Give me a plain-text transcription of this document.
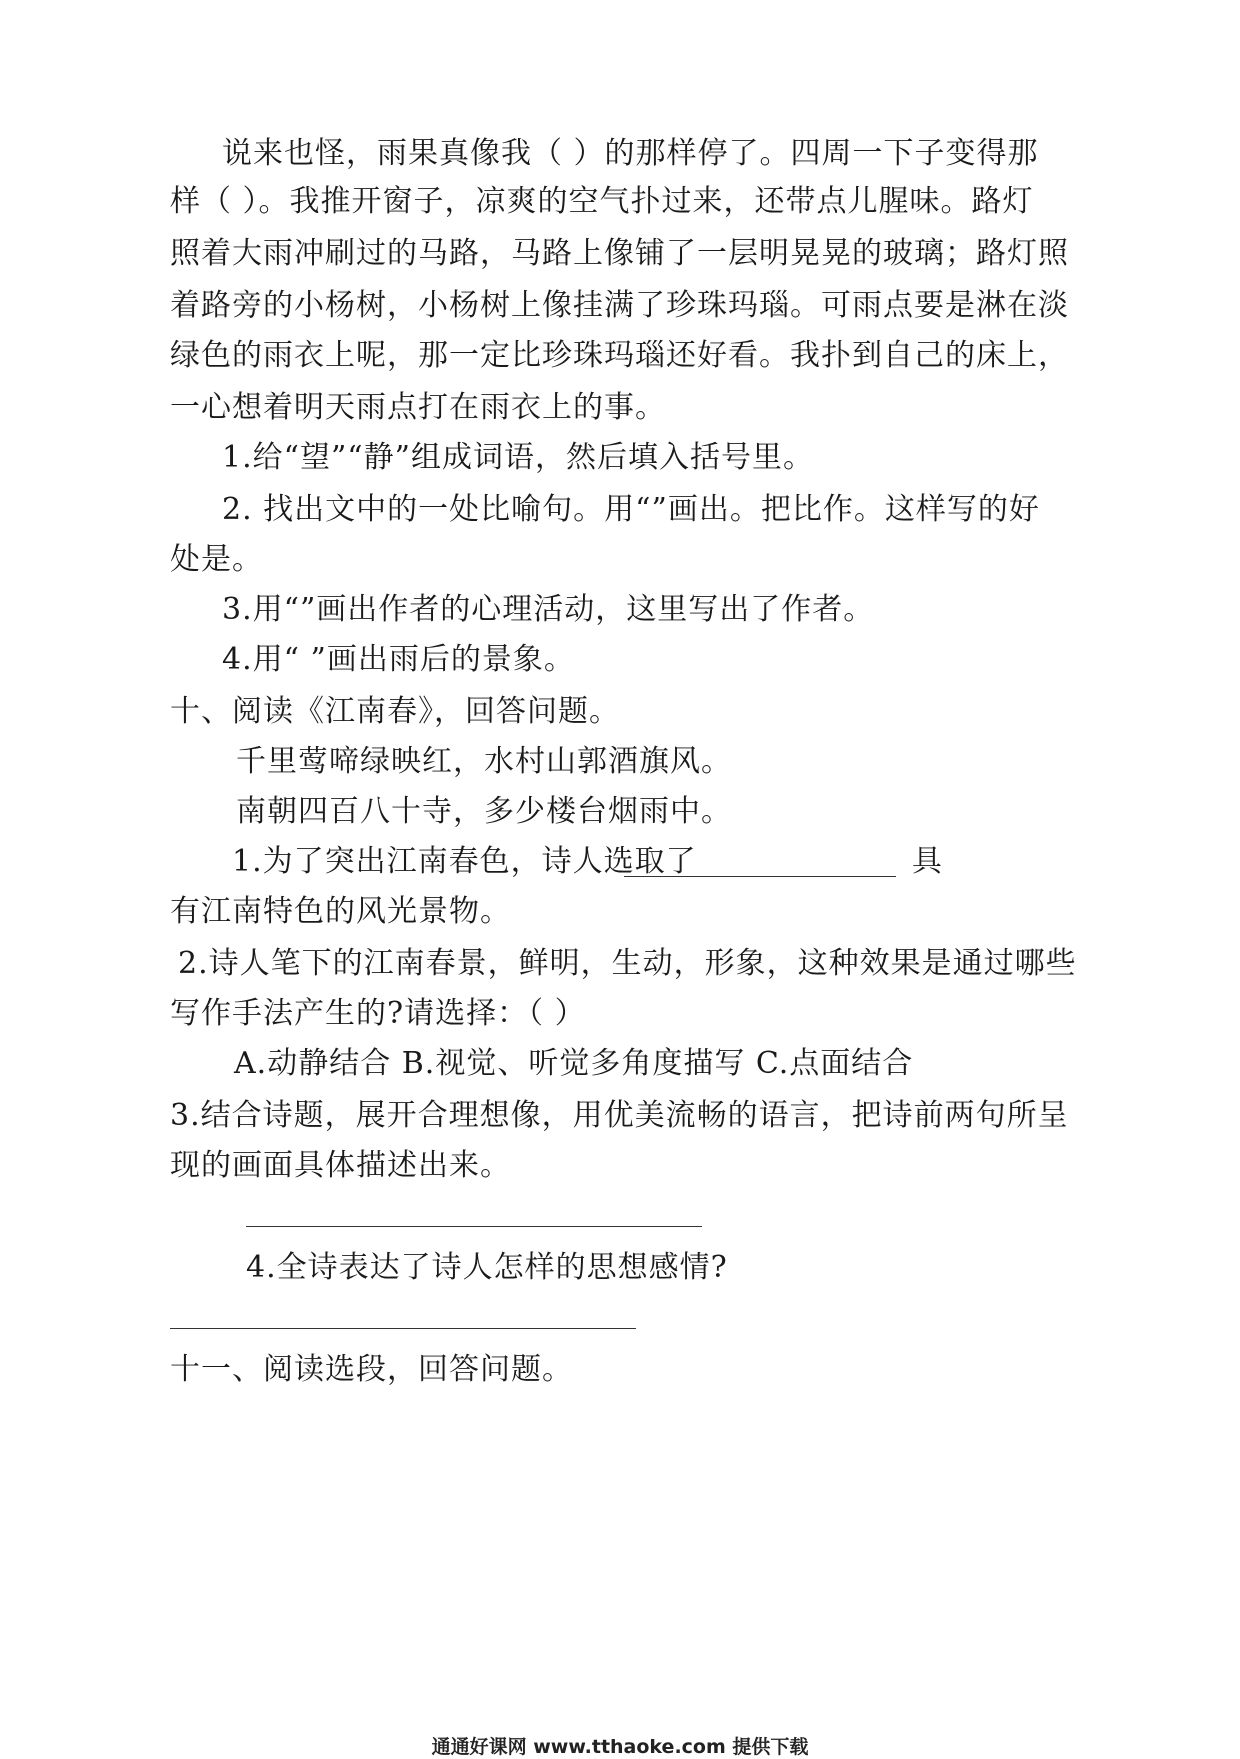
说来也怪，雨果真像我（ ）的那样停了。四周一下子变得那
样（ ）。我推开窗子，凉爽的空气扑过来，还带点儿腥味。路灯
照着大雨冲刷过的马路，马路上像铺了一层明晃晃的玻璃；路灯照
着路旁的小杨树，小杨树上像挂满了珍珠玛瑙。可雨点要是淋在淡
绿色的雨衣上呢，那一定比珍珠玛瑙还好看。我扑到自己的床上，
一心想着明天雨点打在雨衣上的事。
1.给“望”“静”组成词语，然后填入括号里。
2. 找出文中的一处比喻句。用“”画出。把比作。这样写的好
处是。
3.用“”画出作者的心理活动，这里写出了作者。
4.用“ ”画出雨后的景象。
十、阅读《江南春》，回答问题。
千里莺啼绿映红，水村山郭酒旗风。
南朝四百八十寺，多少楼台烟雨中。
1.为了突出江南春色，诗人选取了	具
有江南特色的风光景物。
2.诗人笔下的江南春景，鲜明，生动，形象，这种效果是通过哪些
写作手法产生的?请选择：（ ）
A.动静结合 B.视觉、听觉多角度描写 C.点面结合
3.结合诗题，展开合理想像，用优美流畅的语言，把诗前两句所呈
现的画面具体描述出来。
4.全诗表达了诗人怎样的思想感情?
十一、阅读选段，回答问题。
通通好课网 www.tthaoke.com 提供下载
